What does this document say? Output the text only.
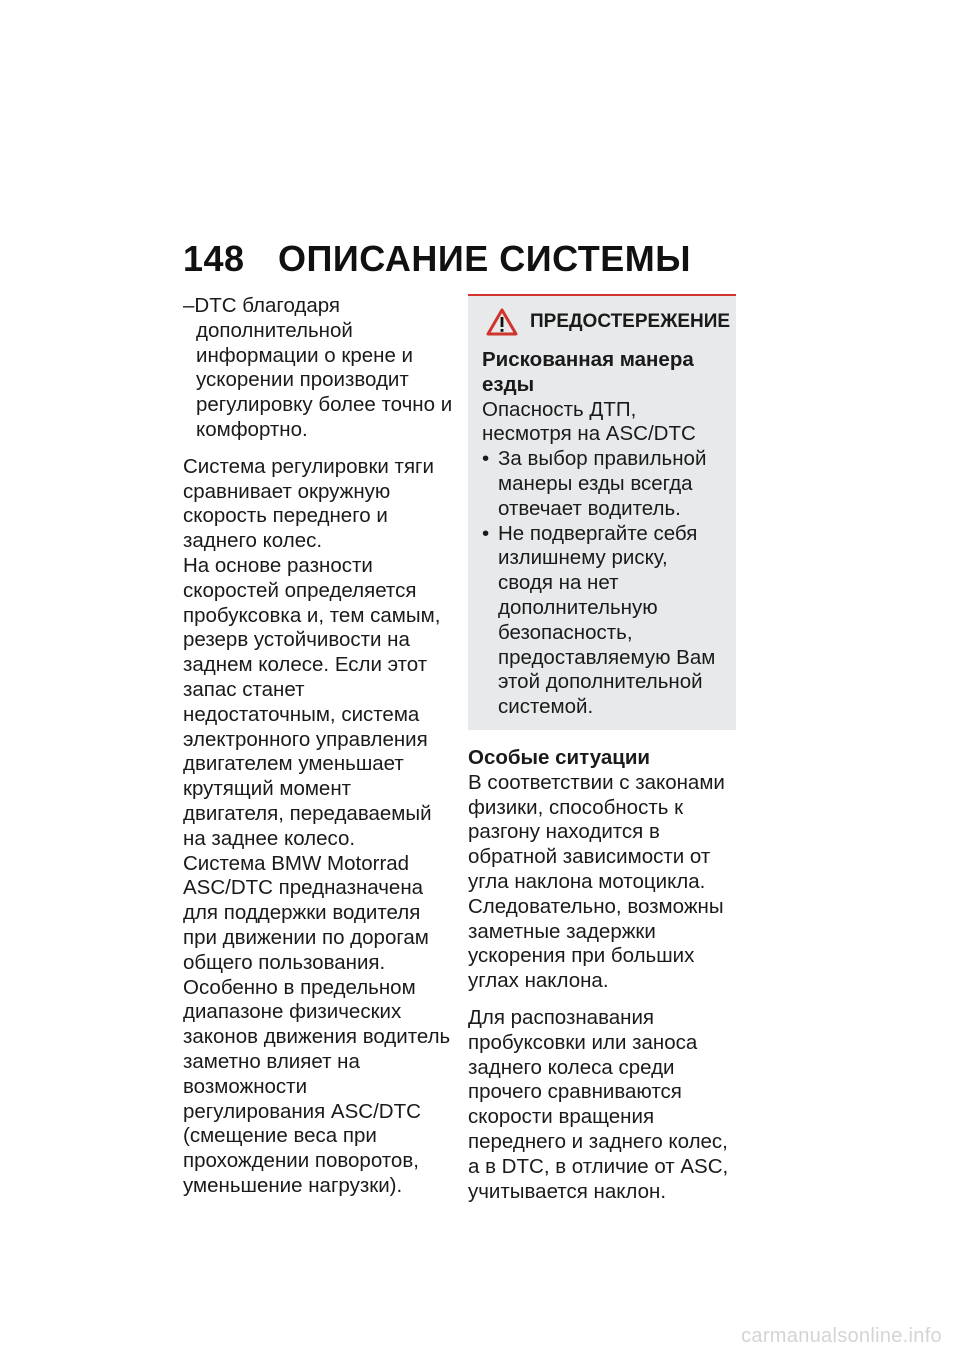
148 ОПИСАНИЕ СИСТЕМЫ

–DTC благодаря дополнительной информации о крене и ускорении производит регулировку более точно и комфортно.

Система регулировки тяги сравнивает окружную скорость переднего и заднего колес.

На основе разности скоростей определяется пробуксовка и, тем самым, резерв устойчивости на заднем колесе. Если этот запас станет недостаточным, система электронного управления двигателем уменьшает крутящий момент двигателя, передаваемый на заднее колесо.

Система BMW Motorrad ASC/DTC предназначена для поддержки водителя при движении по дорогам общего пользования. Особенно в предельном диапазоне физических законов движения водитель заметно влияет на возможности регулирования ASC/DTC (смещение веса при прохождении поворотов, уменьшение нагрузки).

ПРЕДОСТЕРЕЖЕНИЕ
Рискованная манера езды

Опасность ДТП, несмотря на ASC/DTC

• За выбор правильной манеры езды всегда отвечает водитель.
• Не подвергайте себя излишнему риску, сводя на нет дополнительную безопасность, предоставляемую Вам этой дополнительной системой.
Особые ситуации

В соответствии с законами физики, способность к разгону находится в обратной зависимости от угла наклона мотоцикла. Следовательно, возможны заметные задержки ускорения при больших углах наклона.

Для распознавания пробуксовки или заноса заднего колеса среди прочего сравниваются скорости вращения переднего и заднего колес, а в DTC, в отличие от ASC, учитывается наклон.

carmanualsonline.info
